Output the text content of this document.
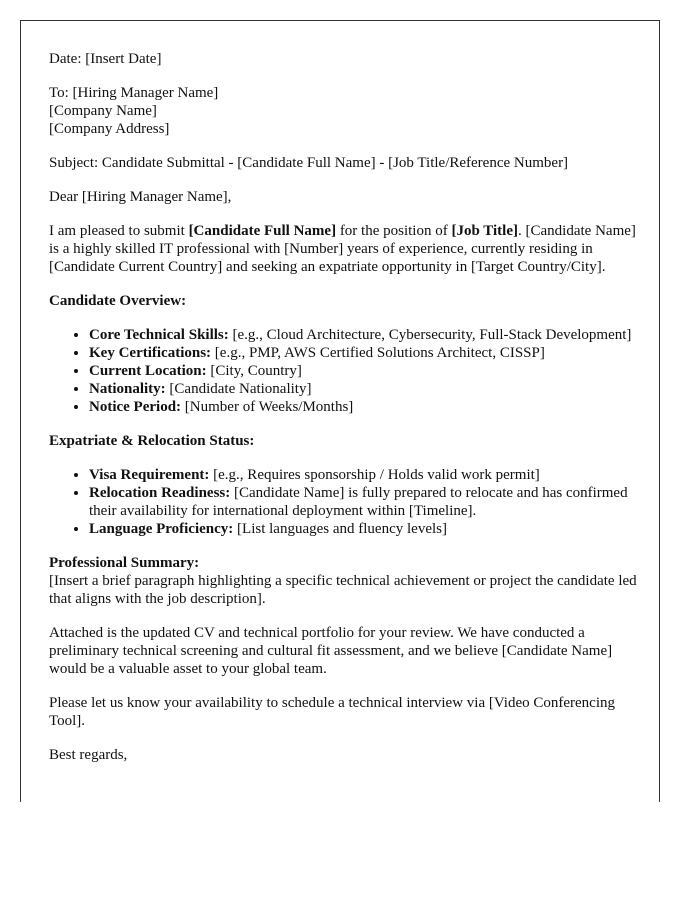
Date: [Insert Date]

To: [Hiring Manager Name]

[Company Name]

[Company Address]

Subject: Candidate Submittal - [Candidate Full Name] - [Job Title/Reference Number]

Dear [Hiring Manager Name],

I am pleased to submit [Candidate Full Name] for the position of [Job Title]. [Candidate Name] is a highly skilled IT professional with [Number] years of experience, currently residing in [Candidate Current Country] and seeking an expatriate opportunity in [Target Country/City].

Candidate Overview:
• Core Technical Skills: [e.g., Cloud Architecture, Cybersecurity, Full-Stack Development]
• Key Certifications: [e.g., PMP, AWS Certified Solutions Architect, CISSP]
• Current Location: [City, Country]
• Nationality: [Candidate Nationality]
• Notice Period: [Number of Weeks/Months]
Expatriate & Relocation Status:
• Visa Requirement: [e.g., Requires sponsorship / Holds valid work permit]
• Relocation Readiness: [Candidate Name] is fully prepared to relocate and has confirmed their availability for international deployment within [Timeline].
• Language Proficiency: [List languages and fluency levels]

Professional Summary:
[Insert a brief paragraph highlighting a specific technical achievement or project the candidate led that aligns with the job description].

Attached is the updated CV and technical portfolio for your review. We have conducted a preliminary technical screening and cultural fit assessment, and we believe [Candidate Name] would be a valuable asset to your global team.

Please let us know your availability to schedule a technical interview via [Video Conferencing Tool].

Best regards,
